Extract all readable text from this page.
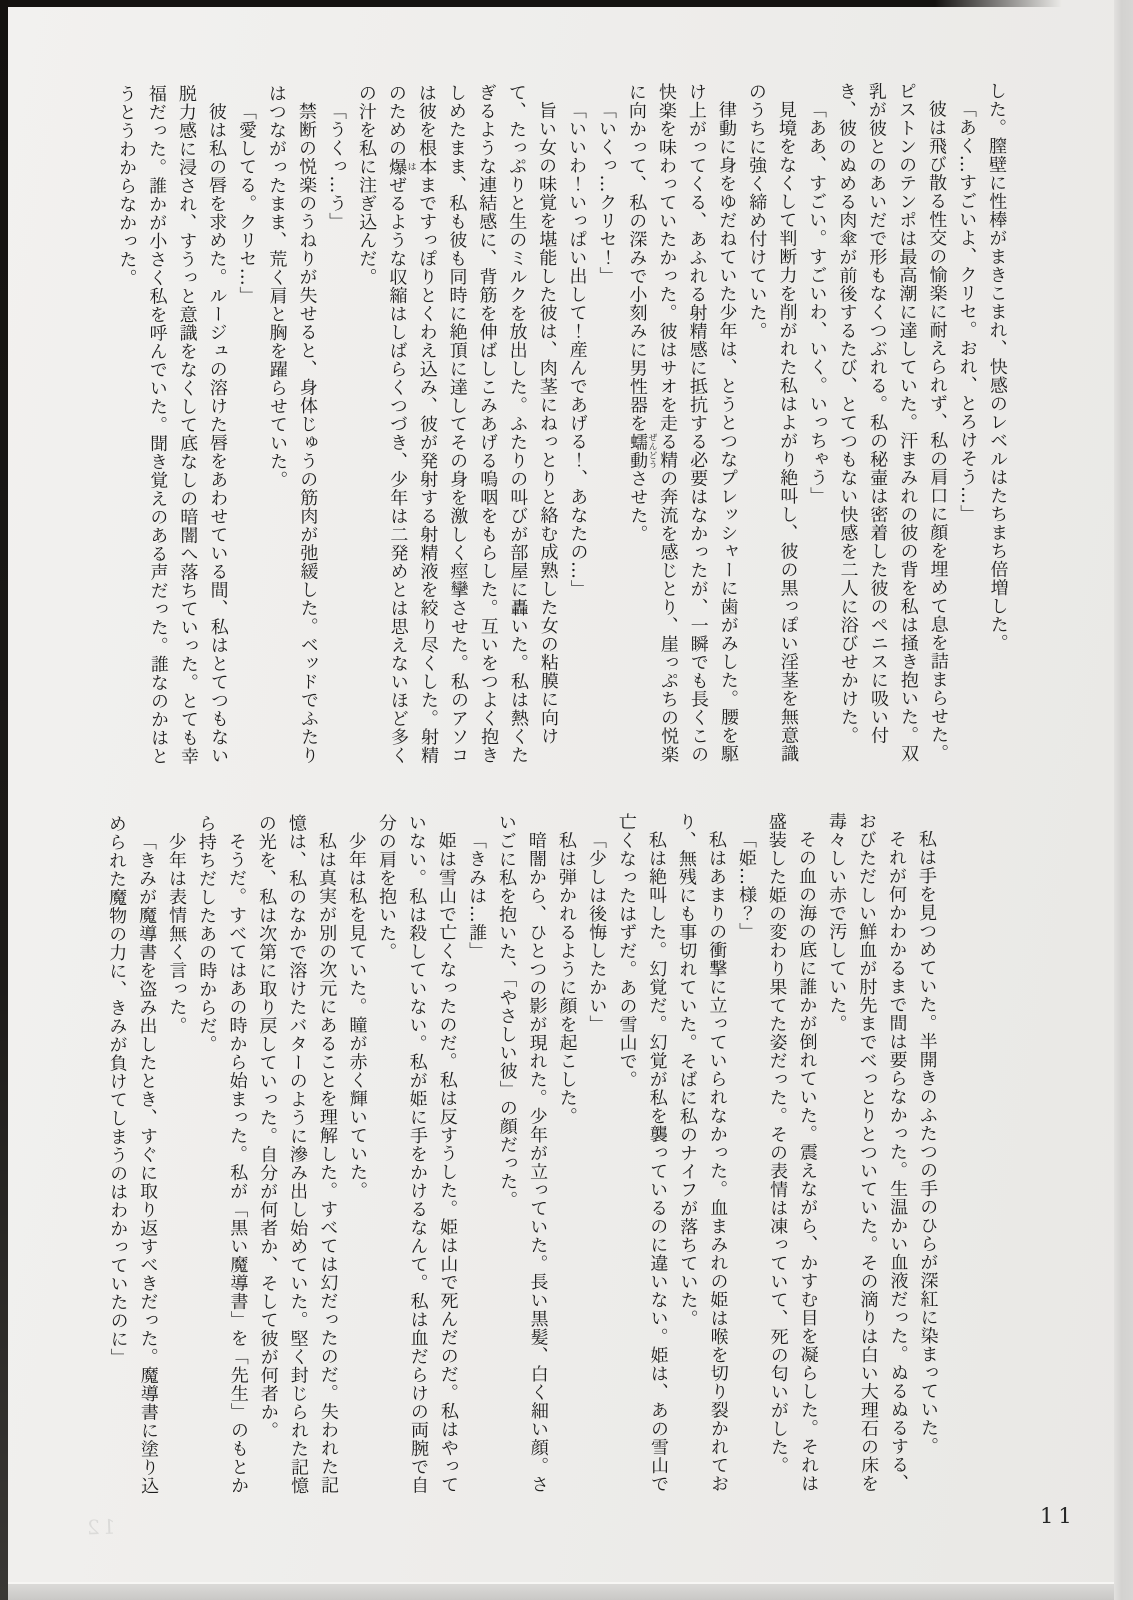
した。膣壁に性棒がまきこまれ、快感のレベルはたちまち倍増した。

「あく…すごいよ、クリセ。おれ、とろけそう…」

彼は飛び散る性交の愉楽に耐えられず、私の肩口に顔を埋めて息を詰まらせた。ピストンのテンポは最高潮に達していた。汗まみれの彼の背を私は掻き抱いた。双乳が彼とのあいだで形もなくつぶれる。私の秘壷は密着した彼のペニスに吸い付き、彼のぬめる肉傘が前後するたび、とてつもない快感を二人に浴びせかけた。

「ああ、すごい。すごいわ、いく。いっちゃう」

見境をなくして判断力を削がれた私はよがり絶叫し、彼の黒っぽい淫茎を無意識のうちに強く締め付けていた。

律動に身をゆだねていた少年は、とうとつなプレッシャーに歯がみした。腰を駆け上がってくる、あふれる射精感に抵抗する必要はなかったが、一瞬でも長くこの快楽を味わっていたかった。彼はサオを走る精の奔流を感じとり、崖っぷちの悦楽に向かって、私の深みで小刻みに男性器を蠕動ぜんどうさせた。

「いくっ…クリセ！」

「いいわ！いっぱい出して！産んであげる！、あなたの…」

旨い女の味覚を堪能した彼は、肉茎にねっとりと絡む成熟した女の粘膜に向けて、たっぷりと生のミルクを放出した。ふたりの叫びが部屋に轟いた。私は熱くたぎるような連結感に、背筋を伸ばしこみあげる嗚咽をもらした。互いをつよく抱きしめたまま、私も彼も同時に絶頂に達してその身を激しく痙攣させた。私のアソコは彼を根本まですっぽりとくわえ込み、彼が発射する射精液を絞り尽くした。射精のための爆はぜるような収縮はしばらくつづき、少年は二発めとは思えないほど多くの汁を私に注ぎ込んだ。

「うくっ…う」

禁断の悦楽のうねりが失せると、身体じゅうの筋肉が弛緩した。ベッドでふたりはつながったまま、荒く肩と胸を躍らせていた。

「愛してる。クリセ…」

彼は私の唇を求めた。ルージュの溶けた唇をあわせている間、私はとてつもない脱力感に浸され、すうっと意識をなくして底なしの暗闇へ落ちていった。とても幸福だった。誰かが小さく私を呼んでいた。聞き覚えのある声だった。誰なのかはとうとうわからなかった。

私は手を見つめていた。半開きのふたつの手のひらが深紅に染まっていた。

それが何かわかるまで間は要らなかった。生温かい血液だった。ぬるぬるする、おびただしい鮮血が肘先までべっとりとついていた。その滴りは白い大理石の床を毒々しい赤で汚していた。

その血の海の底に誰かが倒れていた。震えながら、かすむ目を凝らした。それは盛装した姫の変わり果てた姿だった。その表情は凍っていて、死の匂いがした。

「姫…様？」

私はあまりの衝撃に立っていられなかった。血まみれの姫は喉を切り裂かれており、無残にも事切れていた。そばに私のナイフが落ちていた。

私は絶叫した。幻覚だ。幻覚が私を襲っているのに違いない。姫は、あの雪山で亡くなったはずだ。あの雪山で。

「少しは後悔したかい」

私は弾かれるように顔を起こした。

暗闇から、ひとつの影が現れた。少年が立っていた。長い黒髪、白く細い顔。さいごに私を抱いた、「やさしい彼」の顔だった。

「きみは…誰」

姫は雪山で亡くなったのだ。私は反すうした。姫は山で死んだのだ。私はやっていない。私は殺していない。私が姫に手をかけるなんて。私は血だらけの両腕で自分の肩を抱いた。

少年は私を見ていた。瞳が赤く輝いていた。

私は真実が別の次元にあることを理解した。すべては幻だったのだ。失われた記憶は、私のなかで溶けたバターのように滲み出し始めていた。堅く封じられた記憶の光を、私は次第に取り戻していった。自分が何者か、そして彼が何者か。

そうだ。すべてはあの時から始まった。私が「黒い魔導書」を「先生」のもとから持ちだしたあの時からだ。

少年は表情無く言った。

「きみが魔導書を盗み出したとき、すぐに取り返すべきだった。魔導書に塗り込められた魔物の力に、きみが負けてしまうのはわかっていたのに」

12	11
